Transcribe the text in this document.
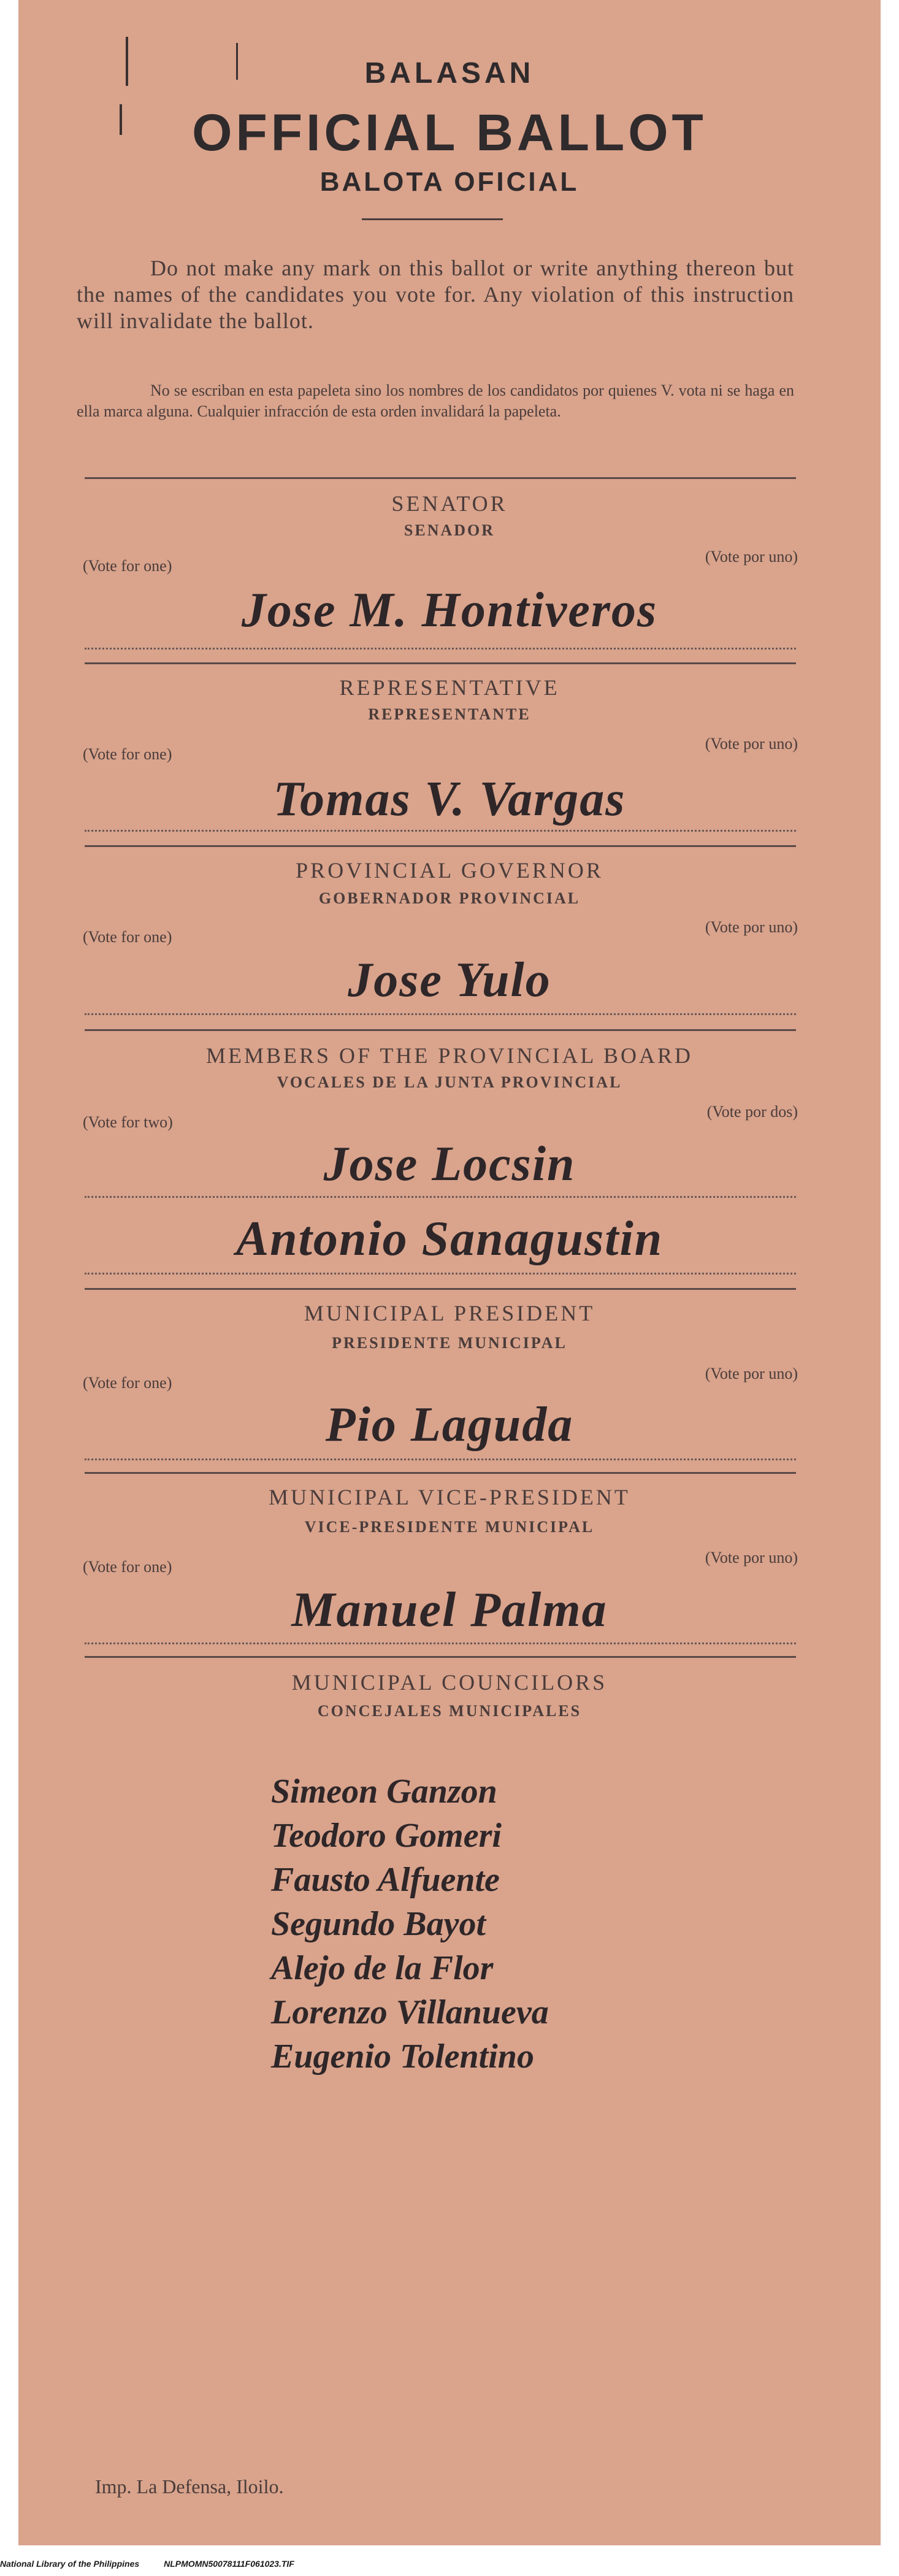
BALASAN
OFFICIAL BALLOT
BALOTA OFICIAL

Do not make any mark on this ballot or write anything thereon but the names of the candidates you vote for. Any violation of this instruction will invalidate the ballot.

No se escriban en esta papeleta sino los nombres de los candidatos por quienes V. vota ni se haga en ella marca alguna. Cualquier infracción de esta orden invalidará la papeleta.

SENATOR

SENADOR

(Vote for one)

(Vote por uno)

Jose M. Hontiveros

REPRESENTATIVE

REPRESENTANTE

(Vote for one)

(Vote por uno)

Tomas V. Vargas

PROVINCIAL GOVERNOR

GOBERNADOR PROVINCIAL

(Vote for one)

(Vote por uno)

Jose Yulo

MEMBERS OF THE PROVINCIAL BOARD

VOCALES DE LA JUNTA PROVINCIAL

(Vote for two)

(Vote por dos)

Jose Locsin

Antonio Sanagustin

MUNICIPAL PRESIDENT

PRESIDENTE MUNICIPAL

(Vote for one)

(Vote por uno)

Pio Laguda

MUNICIPAL VICE-PRESIDENT

VICE-PRESIDENTE MUNICIPAL

(Vote for one)

(Vote por uno)

Manuel Palma

MUNICIPAL COUNCILORS

CONCEJALES MUNICIPALES

Simeon Ganzon
Teodoro Gomeri
Fausto Alfuente
Segundo Bayot
Alejo de la Flor
Lorenzo Villanueva
Eugenio Tolentino

Imp. La Defensa, Iloilo.

National Library of the Philippines	NLPMOMN50078111F061023.TIF
